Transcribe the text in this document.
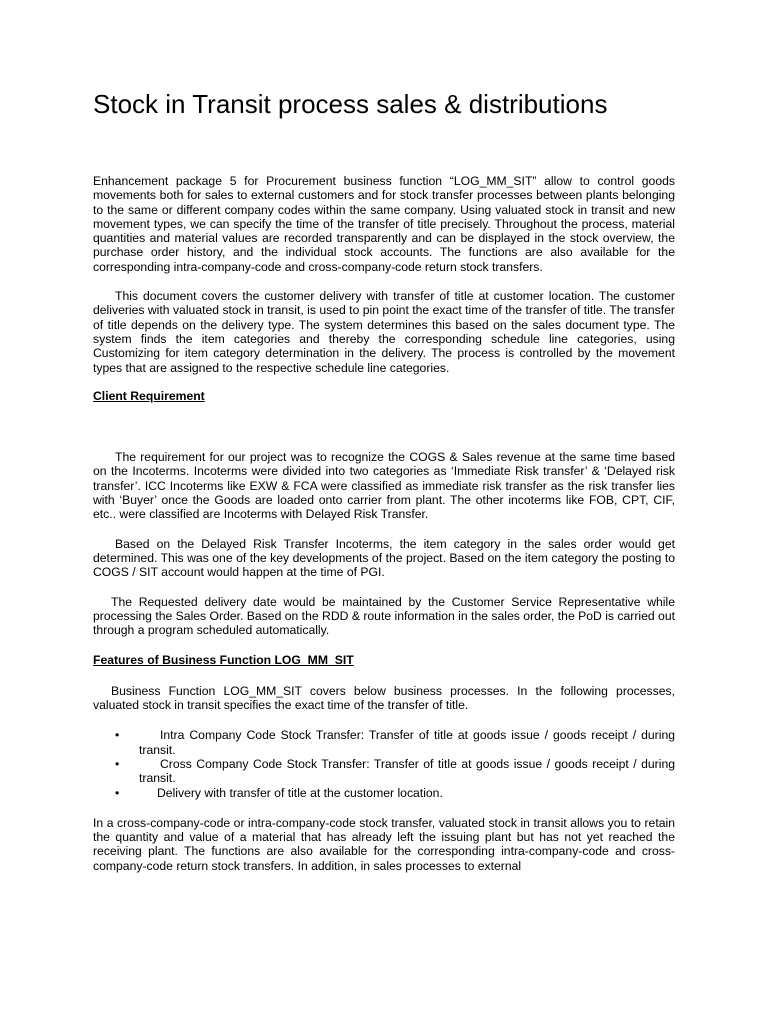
Stock in Transit process sales & distributions

Enhancement package 5 for Procurement business function “LOG_MM_SIT” allow to control goods movements both for sales to external customers and for stock transfer processes between plants belonging to the same or different company codes within the same company. Using valuated stock in transit and new movement types, we can specify the time of the transfer of title precisely. Throughout the process, material quantities and material values are recorded transparently and can be displayed in the stock overview, the purchase order history, and the individual stock accounts. The functions are also available for the corresponding intra-company-code and cross-company-code return stock transfers.

This document covers the customer delivery with transfer of title at customer location. The customer deliveries with valuated stock in transit, is used to pin point the exact time of the transfer of title. The transfer of title depends on the delivery type. The system determines this based on the sales document type. The system finds the item categories and thereby the corresponding schedule line categories, using Customizing for item category determination in the delivery. The process is controlled by the movement types that are assigned to the respective schedule line categories.

Client Requirement

The requirement for our project was to recognize the COGS & Sales revenue at the same time based on the Incoterms. Incoterms were divided into two categories as ‘Immediate Risk transfer’ & ‘Delayed risk transfer’. ICC Incoterms like EXW & FCA were classified as immediate risk transfer as the risk transfer lies with ‘Buyer’ once the Goods are loaded onto carrier from plant. The other incoterms like FOB, CPT, CIF, etc.. were classified are Incoterms with Delayed Risk Transfer.

Based on the Delayed Risk Transfer Incoterms, the item category in the sales order would get determined. This was one of the key developments of the project. Based on the item category the posting to COGS / SIT account would happen at the time of PGI.

The Requested delivery date would be maintained by the Customer Service Representative while processing the Sales Order. Based on the RDD & route information in the sales order, the PoD is carried out through a program scheduled automatically.

Features of Business Function LOG_MM_SIT

Business Function LOG_MM_SIT covers below business processes. In the following processes, valuated stock in transit specifies the exact time of the transfer of title.

•	Intra Company Code Stock Transfer: Transfer of title at goods issue / goods receipt / during transit.
•	Cross Company Code Stock Transfer: Transfer of title at goods issue / goods receipt / during transit.
•	Delivery with transfer of title at the customer location.

In a cross-company-code or intra-company-code stock transfer, valuated stock in transit allows you to retain the quantity and value of a material that has already left the issuing plant but has not yet reached the receiving plant. The functions are also available for the corresponding intra-company-code and cross-company-code return stock transfers. In addition, in sales processes to external
